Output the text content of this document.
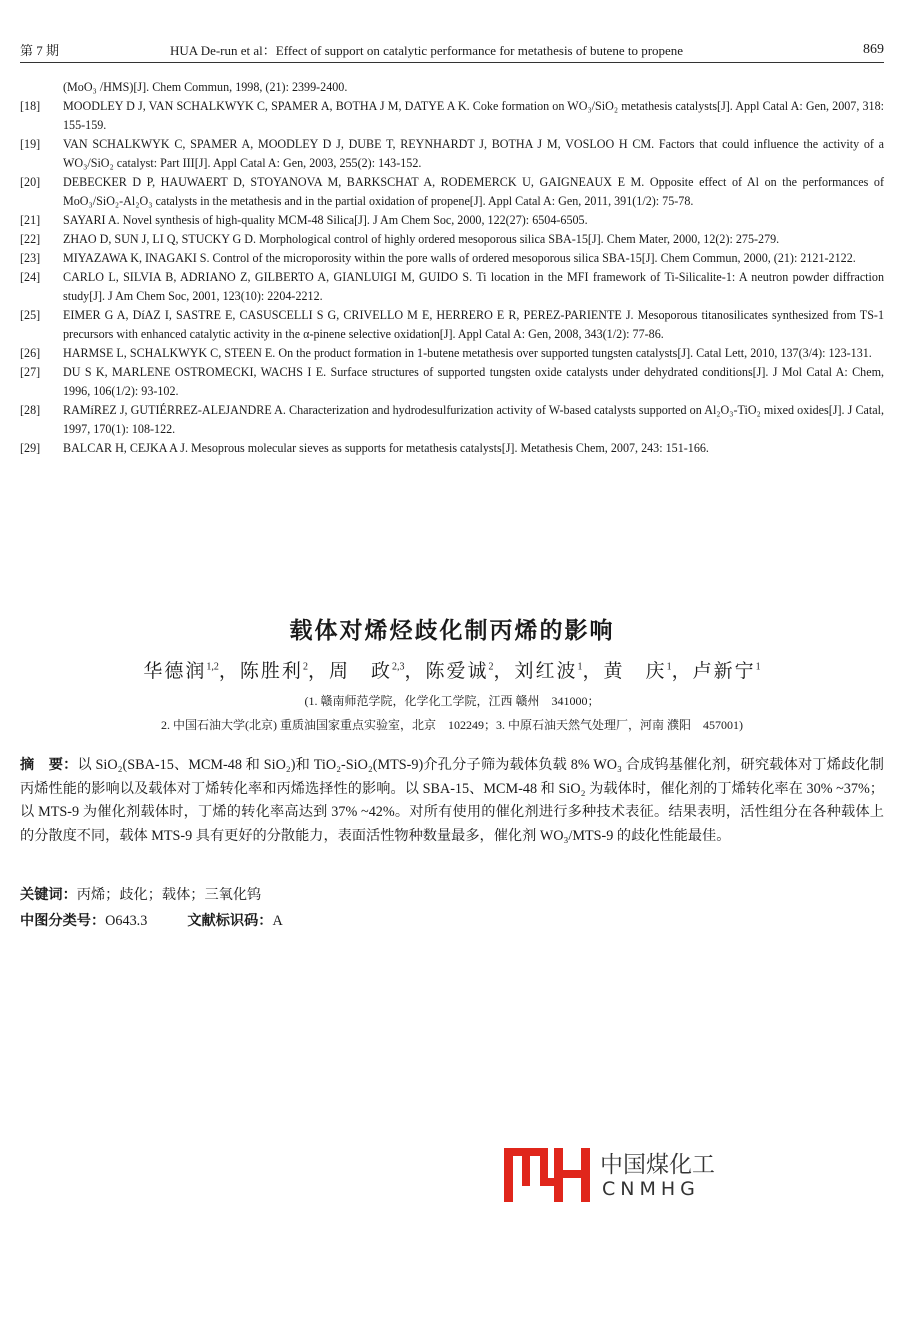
第 7 期	HUA De-run et al：Effect of support on catalytic performance for metathesis of butene to propene	869
(MoO₃ /HMS)[J]. Chem Commun, 1998, (21): 2399-2400.
[18]	MOODLEY D J, VAN SCHALKWYK C, SPAMER A, BOTHA J M, DATYE A K. Coke formation on WO₃/SiO₂ metathesis catalysts[J]. Appl Catal A: Gen, 2007, 318: 155-159.
[19]	VAN SCHALKWYK C, SPAMER A, MOODLEY D J, DUBE T, REYNHARDT J, BOTHA J M, VOSLOO H CM. Factors that could influence the activity of a WO₃/SiO₂ catalyst: Part III[J]. Appl Catal A: Gen, 2003, 255(2): 143-152.
[20]	DEBECKER D P, HAUWAERT D, STOYANOVA M, BARKSCHAT A, RODEMERCK U, GAIGNEAUX E M. Opposite effect of Al on the performances of MoO₃/SiO₂-Al₂O₃ catalysts in the metathesis and in the partial oxidation of propene[J]. Appl Catal A: Gen, 2011, 391(1/2): 75-78.
[21]	SAYARI A. Novel synthesis of high-quality MCM-48 Silica[J]. J Am Chem Soc, 2000, 122(27): 6504-6505.
[22]	ZHAO D, SUN J, LI Q, STUCKY G D. Morphological control of highly ordered mesoporous silica SBA-15[J]. Chem Mater, 2000, 12(2): 275-279.
[23]	MIYAZAWA K, INAGAKI S. Control of the microporosity within the pore walls of ordered mesoporous silica SBA-15[J]. Chem Commun, 2000, (21): 2121-2122.
[24]	CARLO L, SILVIA B, ADRIANO Z, GILBERTO A, GIANLUIGI M, GUIDO S. Ti location in the MFI framework of Ti-Silicalite-1: A neutron powder diffraction study[J]. J Am Chem Soc, 2001, 123(10): 2204-2212.
[25]	EIMER G A, DíAZ I, SASTRE E, CASUSCELLI S G, CRIVELLO M E, HERRERO E R, PEREZ-PARIENTE J. Mesoporous titanosilicates synthesized from TS-1 precursors with enhanced catalytic activity in the α-pinene selective oxidation[J]. Appl Catal A: Gen, 2008, 343(1/2): 77-86.
[26]	HARMSE L, SCHALKWYK C, STEEN E. On the product formation in 1-butene metathesis over supported tungsten catalysts[J]. Catal Lett, 2010, 137(3/4): 123-131.
[27]	DU S K, MARLENE OSTROMECKI, WACHS I E. Surface structures of supported tungsten oxide catalysts under dehydrated conditions[J]. J Mol Catal A: Chem, 1996, 106(1/2): 93-102.
[28]	RAMíREZ J, GUTIÉRREZ-ALEJANDRE A. Characterization and hydrodesulfurization activity of W-based catalysts supported on Al₂O₃-TiO₂ mixed oxides[J]. J Catal, 1997, 170(1): 108-122.
[29]	BALCAR H, CEJKA A J. Mesoprous molecular sieves as supports for metathesis catalysts[J]. Metathesis Chem, 2007, 243: 151-166.
载体对烯烃歧化制丙烯的影响
华德润$^{1,2}$，陈胜利$^2$，周　政$^{2,3}$，陈爱诚$^2$，刘红波$^1$，黄　庆$^1$，卢新宁$^1$
(1. 赣南师范学院，化学化工学院，江西 赣州　341000；
2. 中国石油大学(北京) 重质油国家重点实验室，北京　102249；3. 中原石油天然气处理厂，河南 濮阳　457001)
摘　要：以 SiO₂(SBA-15、MCM-48 和 SiO₂)和 TiO₂-SiO₂(MTS-9)介孔分子筛为载体负载 8% WO₃ 合成钨基催化剂，研究载体对丁烯歧化制丙烯性能的影响以及载体对丁烯转化率和丙烯选择性的影响。以 SBA-15、MCM-48 和 SiO₂ 为载体时，催化剂的丁烯转化率在 30% ~37%；以 MTS-9 为催化剂载体时，丁烯的转化率高达到 37% ~42%。对所有使用的催化剂进行多种技术表征。结果表明，活性组分在各种载体上的分散度不同，载体 MTS-9 具有更好的分散能力，表面活性物种数量最多，催化剂 WO₃/MTS-9 的歧化性能最佳。
关键词：丙烯；歧化；载体；三氧化钨
中图分类号：O643.3	文献标识码：A
中国煤化工
CNMHG
